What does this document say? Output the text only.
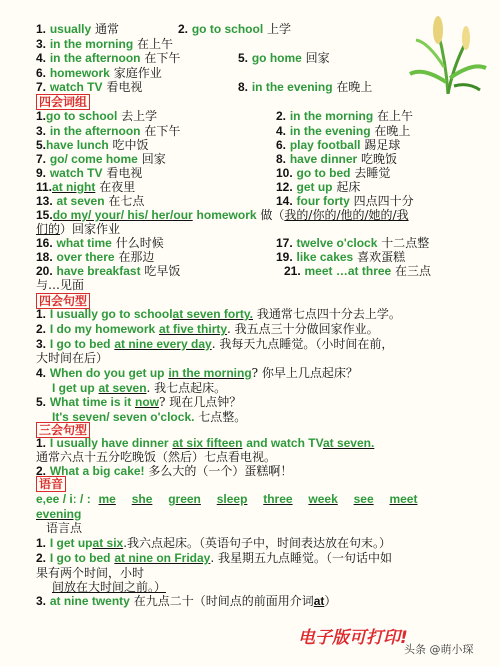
1. usually 通常	2. go to school 上学
3. in the morning 在上午
4. in the afternoon 在下午	5. go home 回家
6. homework 家庭作业
7. watch TV 看电视	8. in the evening 在晚上
四会词组
1.go to school 去上学	2. in the morning 在上午
3. in the afternoon 在下午	4. in the evening 在晚上
5.have lunch 吃中饭	6. play football 踢足球
7. go/ come home 回家	8. have dinner 吃晚饭
9. watch TV 看电视	10. go to bed 去睡觉
11.at night 在夜里	12. get up 起床
13. at seven 在七点	14. four forty 四点四十分
15.do my/ your/ his/ her/our homework 做（我的/你的/他的/她的/我
们的）回家作业
16. what time 什么时候	17. twelve o'clock 十二点整
18. over there 在那边	19. like cakes 喜欢蛋糕
20. have breakfast 吃早饭	21. meet …at three 在三点
与…见面
四会句型
1. I usually go to schoolat seven forty. 我通常七点四十分去上学。
2. I do my homework at five thirty. 我五点三十分做回家作业。
3. I go to bed at nine every day. 我每天九点睡觉。（小时间在前，
大时间在后）
4. When do you get up in the morning? 你早上几点起床？
I get up at seven. 我七点起床。
5. What time is it now? 现在几点钟？
It's seven/ seven o'clock. 七点整。
三会句型
1. I usually have dinner at six fifteen and watch TVat seven.
通常六点十五分吃晚饭（然后）七点看电视。
2. What a big cake! 多么大的（一个）蛋糕啊！
语音
e,ee / iː / : me she green sleep three week see meet
evening
语言点
1. I get upat six.我六点起床。（英语句子中，时间表达放在句末。）
2. I go to bed at nine on Friday. 我星期五九点睡觉。（一句话中如
果有两个时间，小时
间放在大时间之前。）
3. at nine twenty 在九点二十（时间点的前面用介词at）
电子版可打印!
头条 @萌小琛
